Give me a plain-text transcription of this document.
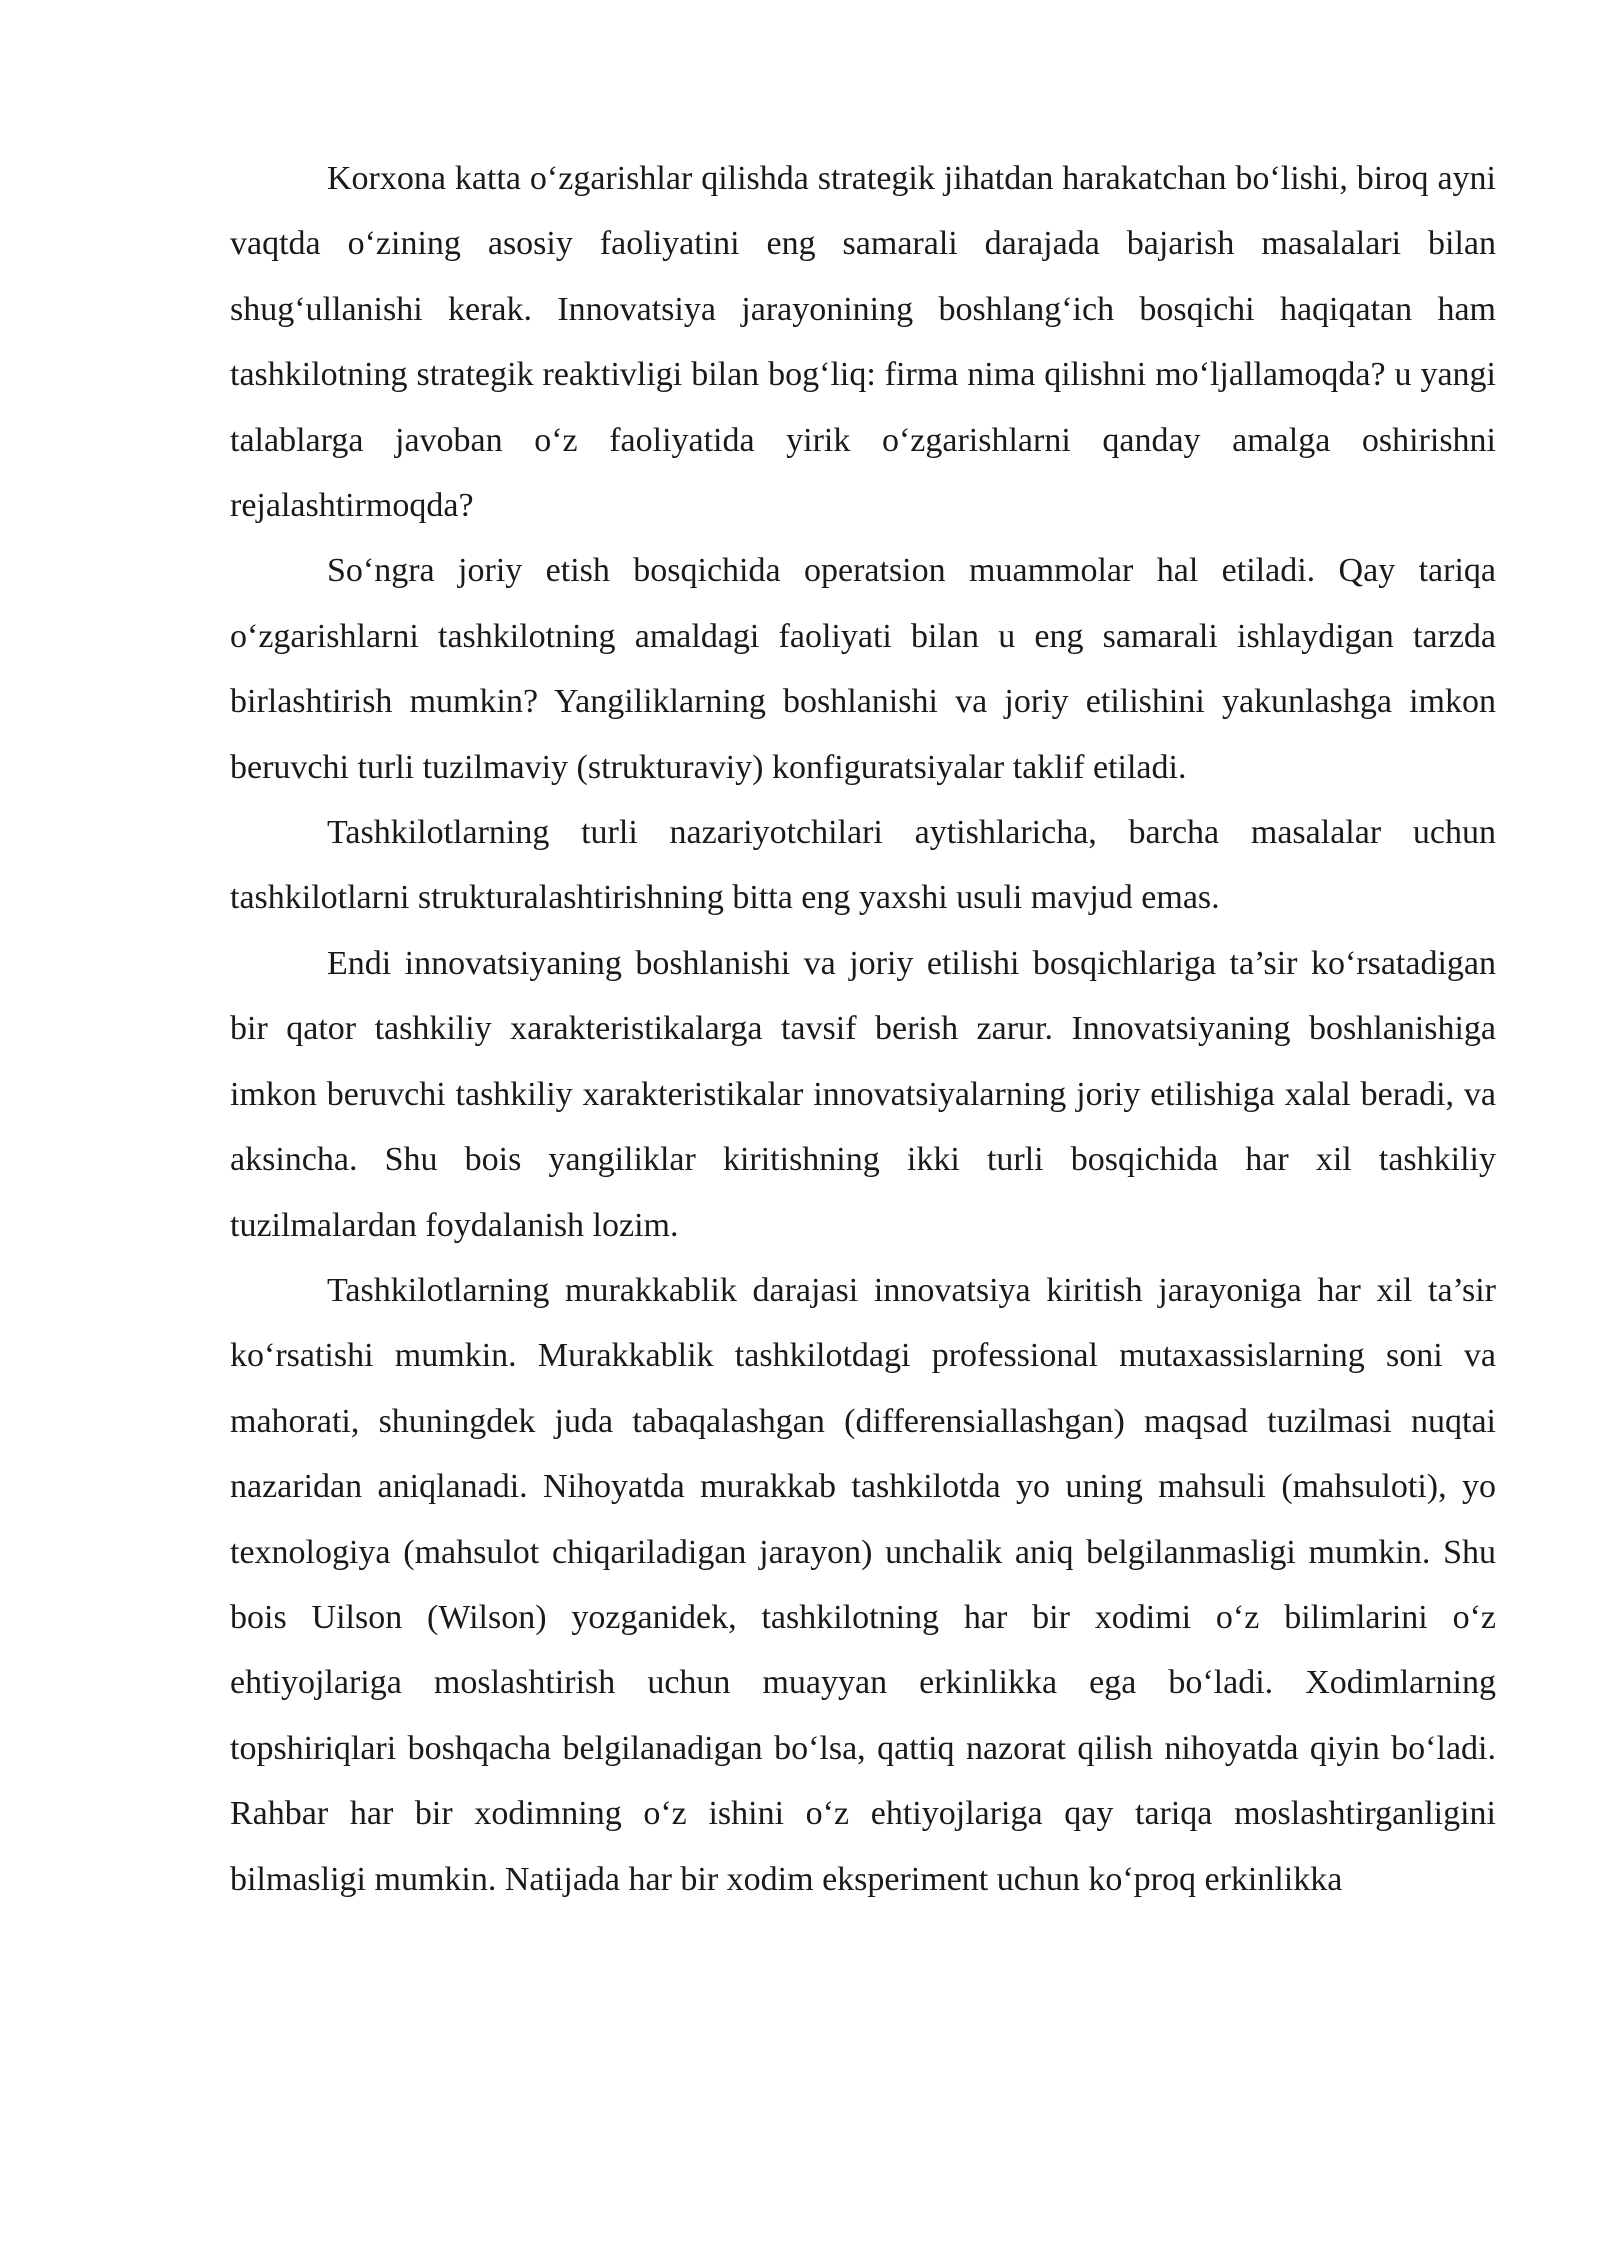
Korxona katta o‘zgarishlar qilishda strategik jihatdan harakatchan bo‘lishi, biroq ayni vaqtda o‘zining asosiy faoliyatini eng samarali darajada bajarish masalalari bilan shug‘ullanishi kerak. Innovatsiya jarayonining boshlang‘ich bosqichi haqiqatan ham tashkilotning strategik reaktivligi bilan bog‘liq: firma nima qilishni mo‘ljallamoqda? u yangi talablarga javoban o‘z faoliyatida yirik o‘zgarishlarni qanday amalga oshirishni rejalashtirmoqda?

So‘ngra joriy etish bosqichida operatsion muammolar hal etiladi. Qay tariqa o‘zgarishlarni tashkilotning amaldagi faoliyati bilan u eng samarali ishlaydigan tarzda birlashtirish mumkin? Yangiliklarning boshlanishi va joriy etilishini yakunlashga imkon beruvchi turli tuzilmaviy (strukturaviy) konfiguratsiyalar taklif etiladi.

Tashkilotlarning turli nazariyotchilari aytishlaricha, barcha masalalar uchun tashkilotlarni strukturalashtirishning bitta eng yaxshi usuli mavjud emas.

Endi innovatsiyaning boshlanishi va joriy etilishi bosqichlariga ta’sir ko‘rsatadigan bir qator tashkiliy xarakteristikalarga tavsif berish zarur. Innovatsiyaning boshlanishiga imkon beruvchi tashkiliy xarakteristikalar innovatsiyalarning joriy etilishiga xalal beradi, va aksincha. Shu bois yangiliklar kiritishning ikki turli bosqichida har xil tashkiliy tuzilmalardan foydalanish lozim.

Tashkilotlarning murakkablik darajasi innovatsiya kiritish jarayoniga har xil ta’sir ko‘rsatishi mumkin. Murakkablik tashkilotdagi professional mutaxassislarning soni va mahorati, shuningdek juda tabaqalashgan (differensiallashgan) maqsad tuzilmasi nuqtai nazaridan aniqlanadi. Nihoyatda murakkab tashkilotda yo uning mahsuli (mahsuloti), yo texnologiya (mahsulot chiqariladigan jarayon) unchalik aniq belgilanmasligi mumkin. Shu bois Uilson (Wilson) yozganidek, tashkilotning har bir xodimi o‘z bilimlarini o‘z ehtiyojlariga moslashtirish uchun muayyan erkinlikka ega bo‘ladi. Xodimlarning topshiriqlari boshqacha belgilanadigan bo‘lsa, qattiq nazorat qilish nihoyatda qiyin bo‘ladi. Rahbar har bir xodimning o‘z ishini o‘z ehtiyojlariga qay tariqa moslashtirganligini bilmasligi mumkin. Natijada har bir xodim eksperiment uchun ko‘proq erkinlikka
